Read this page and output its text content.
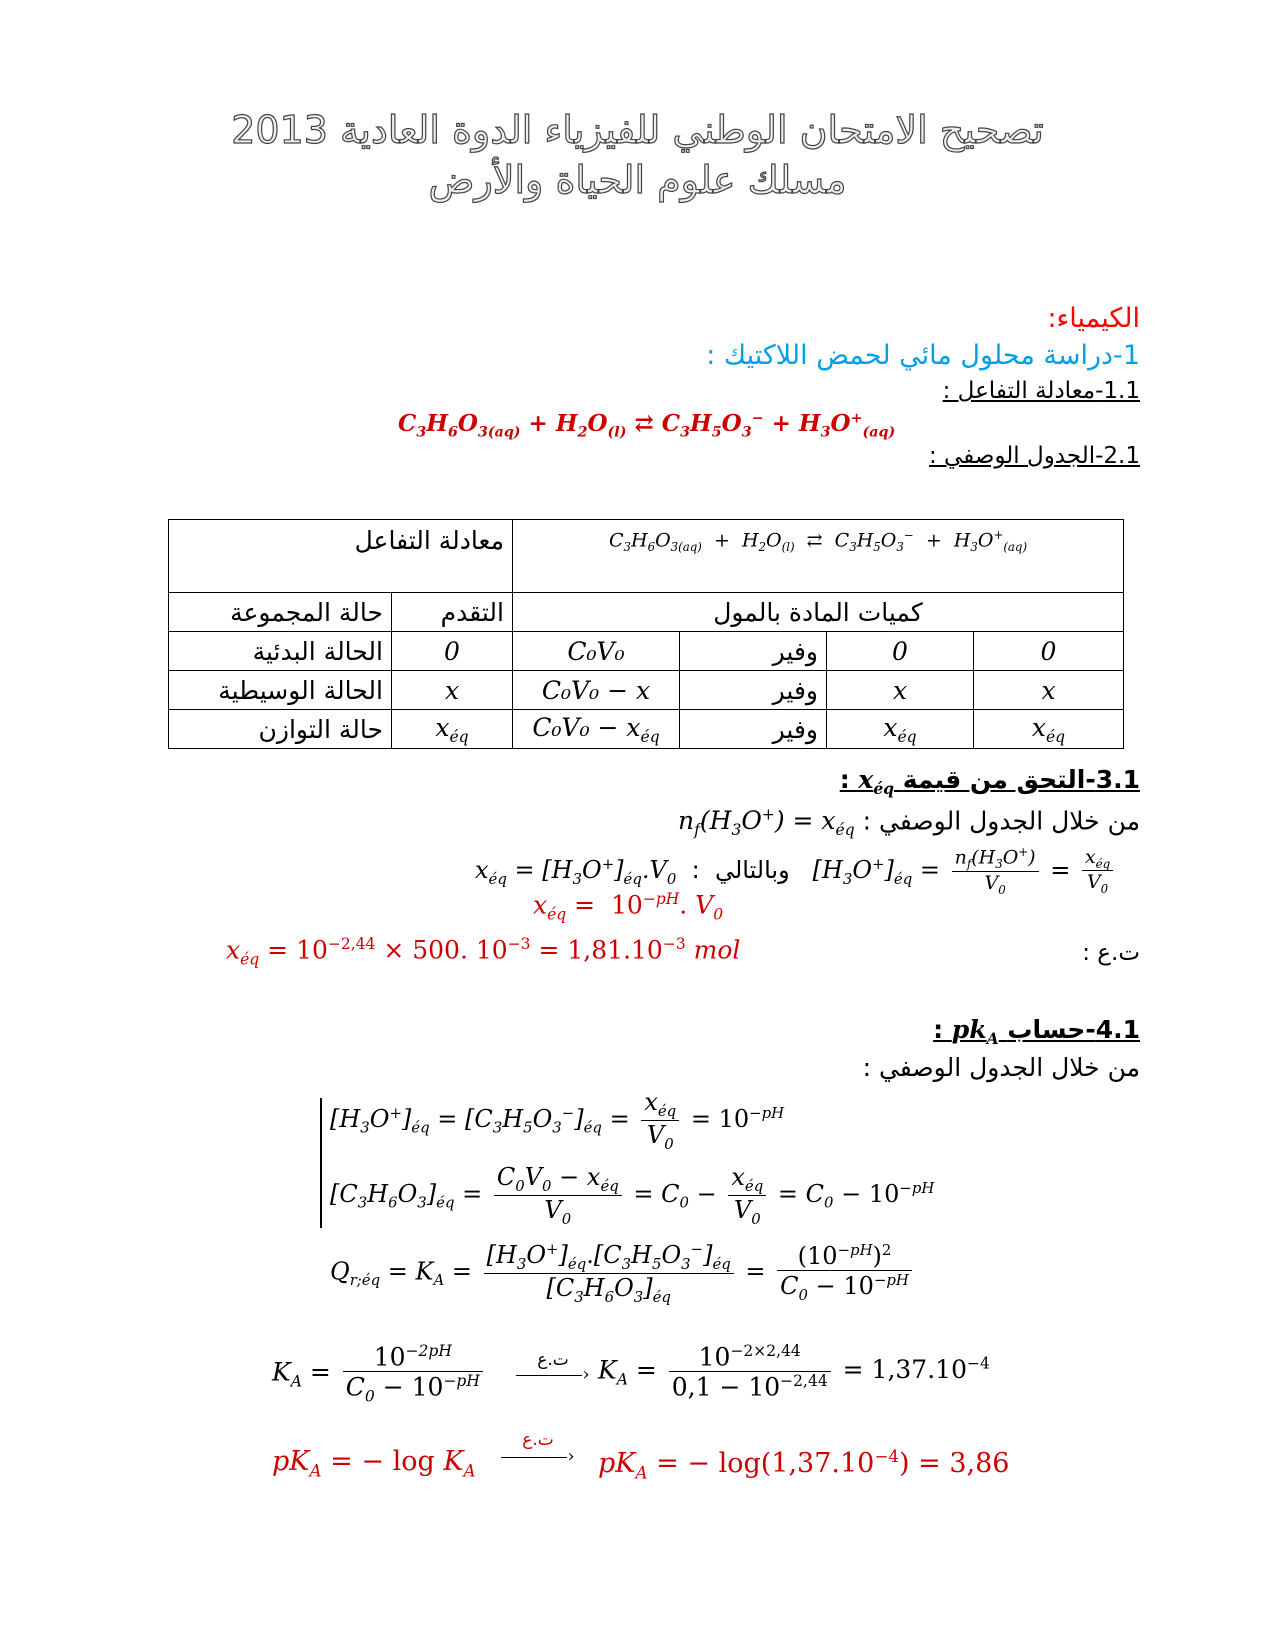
تصحيح الامتحان الوطني للفيزياء الدوة العادية 2013
مسلك علوم الحياة والأرض
الكيمياء:
1-دراسة محلول مائي لحمض اللاكتيك :
1.1-معادلة التفاعل :
$C_3H_6O_{3(aq)} + H_2O_{(l)}$ ⇄ $C_3H_5O_3^- + H_3O^+_{(aq)}$
2.1-الجدول الوصفي :
معادلة التفاعل		$C_3H_6O_{3(aq)} + H_2O_{(l)}$ ⇄  $C_3H_5O_3^- + H_3O^+_{(aq)}$
حالة المجموعة	التقدم	كميات المادة بالمول			
الحالة البدئية	0	C₀V₀	وفير	0	0
الحالة الوسيطية	x	C₀V₀ − x	وفير	x	x
حالة التوازن	$x_{éq}$	$C_0V_0 - x_{éq}$	وفير	$x_{éq}$	$x_{éq}$
3.1-التحق من قيمة $x_{éq}$ :
$n_f(H_3O^+) = x_{éq}$ من خلال الجدول الوصفي :
$x_{éq} = [H_3O^+]_{éq}.V_0$ : وبالتالي $[H_3O^+]_{éq} = \frac{n_f(H_3O^+)}{V_0} = \frac{x_{éq}}{V_0}$
$x_{éq} = 10^{-pH}$. $V_0$
$x_{éq} = 10^{-2,44} \times 500$. $10^{-3} = 1,81.10^{-3}$ mol	ت.ع :
4.1-حساب $pk_A$ :
من خلال الجدول الوصفي :
$[H_3O^+]_{éq} = [C_3H_5O_3^-]_{éq} = \frac{x_{éq}}{V_0} = 10^{-pH}$
$[C_3H_6O_3]_{éq} = \frac{C_0V_0 - x_{éq}}{V_0} = C_0 - \frac{x_{éq}}{V_0} = C_0 - 10^{-pH}$
$Q_{r;éq} = K_A = \frac{[H_3O^+]_{éq}.[C_3H_5O_3^-]_{éq}}{[C_3H_6O_3]_{éq}} = \frac{(10^{-pH})^2}{C_0 - 10^{-pH}}$
$K_A = \frac{10^{-2pH}}{C_0 - 10^{-pH}}$	ت.ع
› $K_A = \frac{10^{-2\times 2,44}}{0,1 - 10^{-2,44}} = 1,37.10^{-4}$
$pK_A$ = − $\log K_A$
ت.ع
› $pK_A$ = − $\log(1,37.10^{-4}) = 3,86$
